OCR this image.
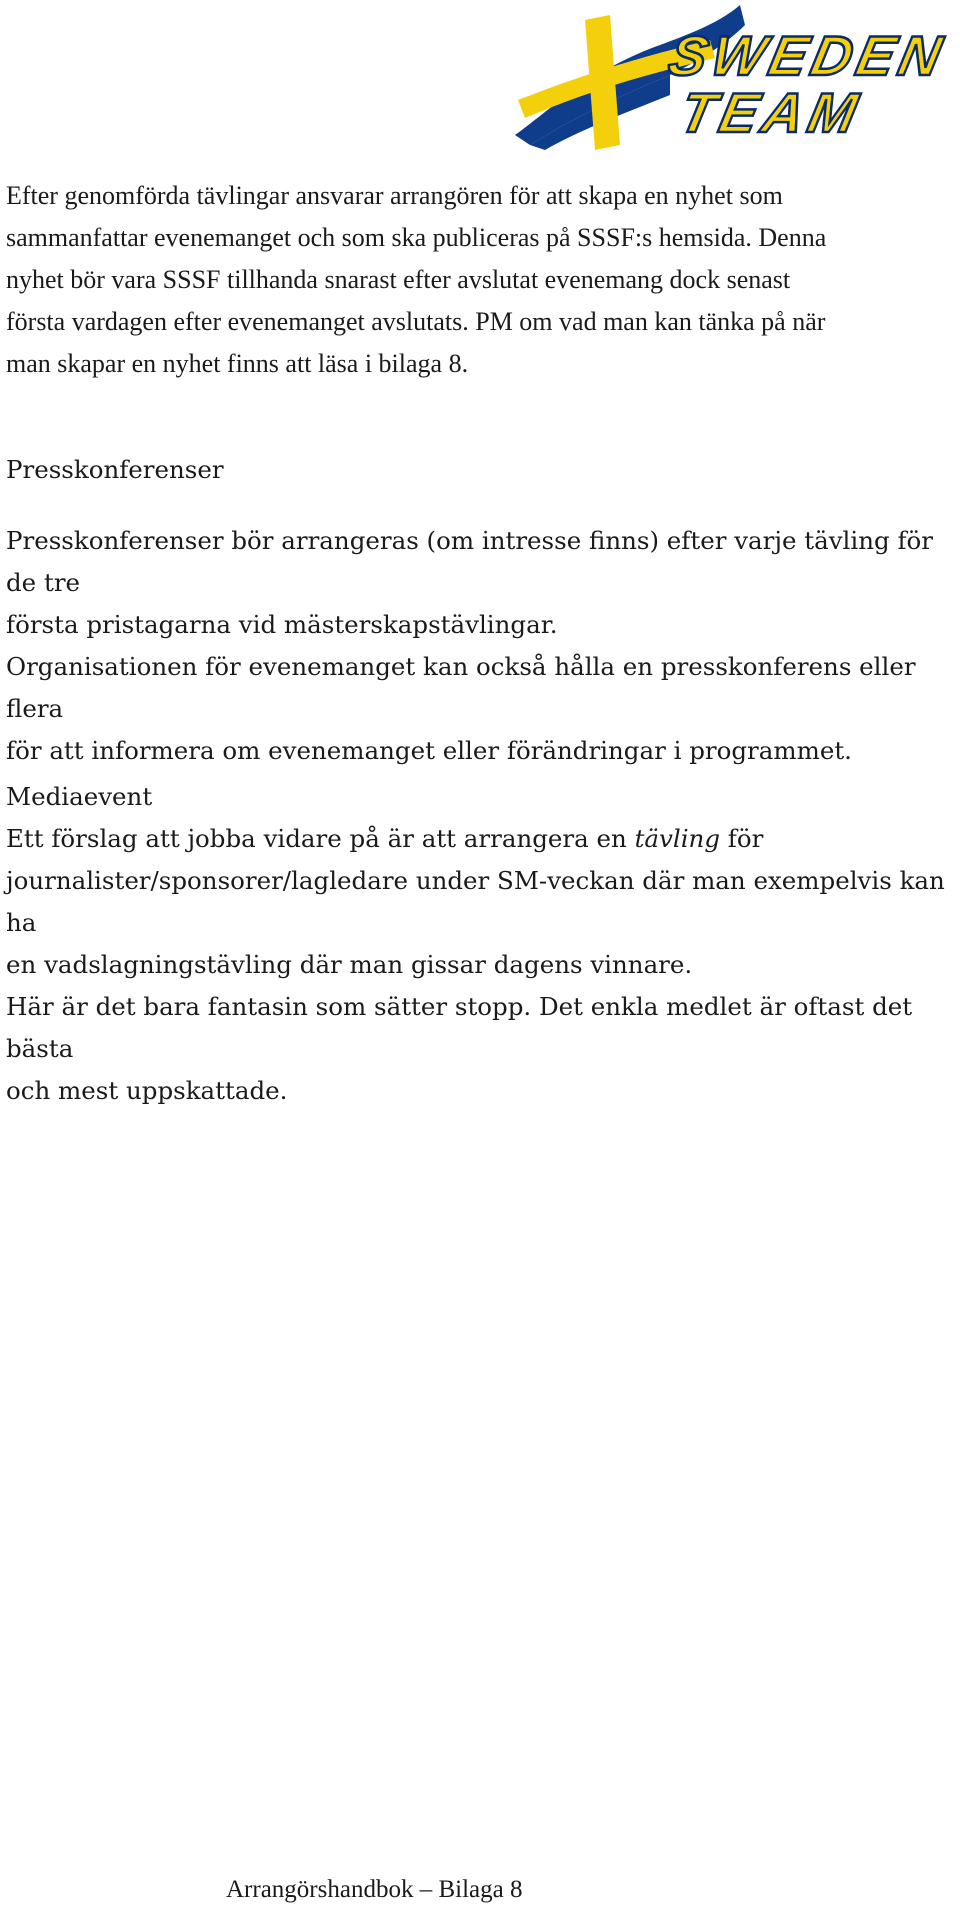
SWEDEN
TEAM

Efter genomförda tävlingar ansvarar arrangören för att skapa en nyhet som

sammanfattar evenemanget och som ska publiceras på SSSF:s hemsida. Denna

nyhet bör vara SSSF tillhanda snarast efter avslutat evenemang dock senast

första vardagen efter evenemanget avslutats. PM om vad man kan tänka på när

man skapar en nyhet finns att läsa i bilaga 8.

Presskonferenser

Presskonferenser bör arrangeras (om intresse finns) efter varje tävling för de tre

första pristagarna vid mästerskapstävlingar.

Organisationen för evenemanget kan också hålla en presskonferens eller flera

för att informera om evenemanget eller förändringar i programmet.

Mediaevent

Ett förslag att jobba vidare på är att arrangera en tävling för

journalister/sponsorer/lagledare under SM-veckan där man exempelvis kan ha

en vadslagningstävling där man gissar dagens vinnare.

Här är det bara fantasin som sätter stopp. Det enkla medlet är oftast det bästa

och mest uppskattade.

Arrangörshandbok – Bilaga 8
